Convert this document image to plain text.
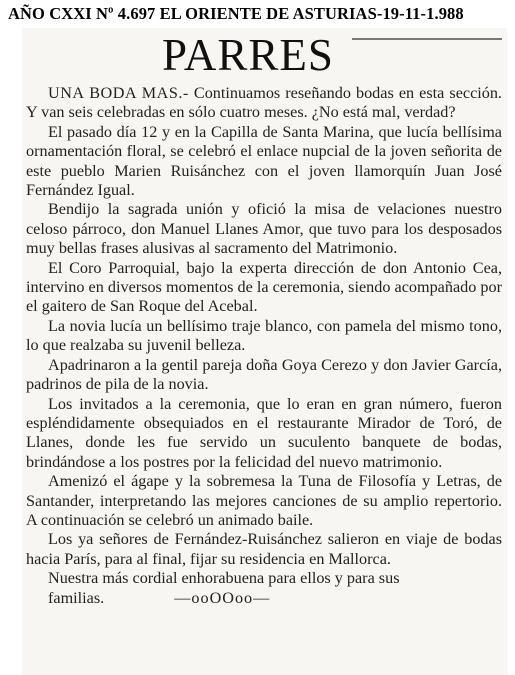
AÑO CXXI Nº 4.697 EL ORIENTE DE ASTURIAS-19-11-1.988
PARRES

UNA BODA MAS.- Continuamos reseñando bodas en esta sección. Y van seis celebradas en sólo cuatro meses. ¿No está mal, verdad?

El pasado día 12 y en la Capilla de Santa Marina, que lucía bellísima ornamentación floral, se celebró el enlace nupcial de la joven señorita de este pueblo Marien Ruisánchez con el joven llamorquín Juan José Fernández Igual.

Bendijo la sagrada unión y ofició la misa de velaciones nuestro celoso párroco, don Manuel Llanes Amor, que tuvo para los desposados muy bellas frases alusivas al sacramento del Matrimonio.

El Coro Parroquial, bajo la experta dirección de don Antonio Cea, intervino en diversos momentos de la ceremonia, siendo acompañado por el gaitero de San Roque del Acebal.

La novia lucía un bellísimo traje blanco, con pamela del mismo tono, lo que realzaba su juvenil belleza.

Apadrinaron a la gentil pareja doña Goya Cerezo y don Javier García, padrinos de pila de la novia.

Los invitados a la ceremonia, que lo eran en gran número, fueron espléndidamente obsequiados en el restaurante Mirador de Toró, de Llanes, donde les fue servido un suculento banquete de bodas, brindándose a los postres por la felicidad del nuevo matrimonio.

Amenizó el ágape y la sobremesa la Tuna de Filosofía y Letras, de Santander, interpretando las mejores canciones de su amplio repertorio. A continuación se celebró un animado baile.

Los ya señores de Fernández-Ruisánchez salieron en viaje de bodas hacia París, para al final, fijar su residencia en Mallorca.

Nuestra más cordial enhorabuena para ellos y para sus

familias.	—ooOOoo—
